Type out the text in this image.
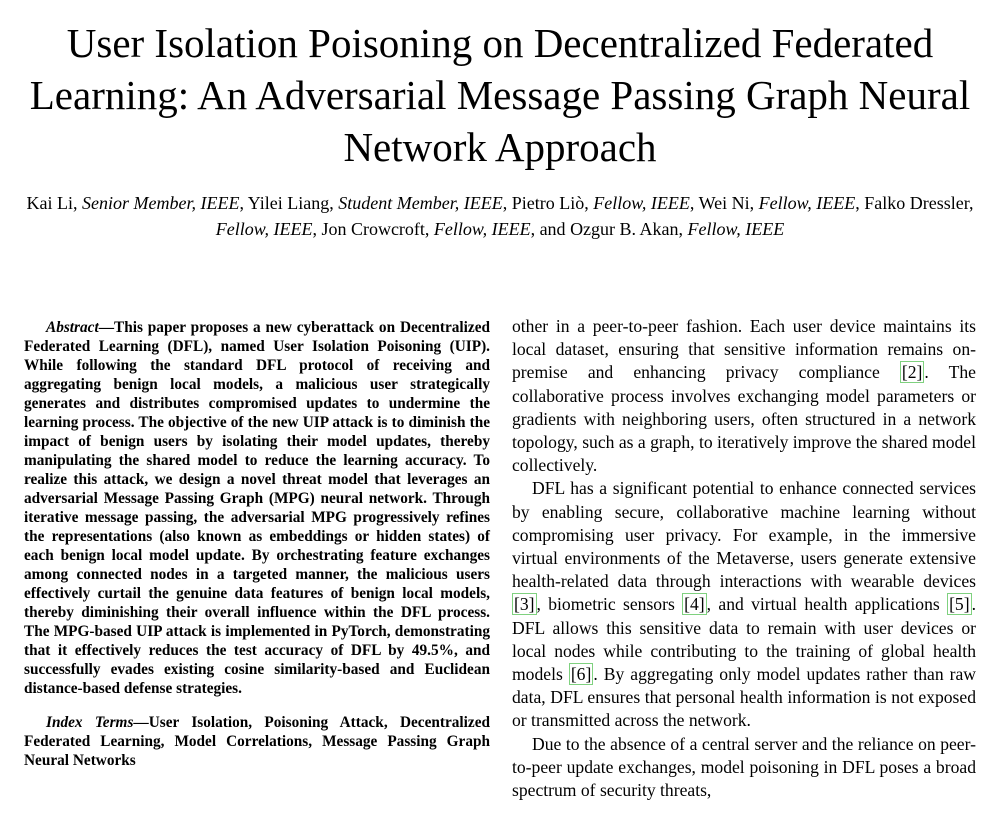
User Isolation Poisoning on Decentralized Federated Learning: An Adversarial Message Passing Graph Neural Network Approach

Kai Li, Senior Member, IEEE, Yilei Liang, Student Member, IEEE, Pietro Liò, Fellow, IEEE, Wei Ni, Fellow, IEEE, Falko Dressler, Fellow, IEEE, Jon Crowcroft, Fellow, IEEE, and Ozgur B. Akan, Fellow, IEEE

Abstract—This paper proposes a new cyberattack on Decentralized Federated Learning (DFL), named User Isolation Poisoning (UIP). While following the standard DFL protocol of receiving and aggregating benign local models, a malicious user strategically generates and distributes compromised updates to undermine the learning process. The objective of the new UIP attack is to diminish the impact of benign users by isolating their model updates, thereby manipulating the shared model to reduce the learning accuracy. To realize this attack, we design a novel threat model that leverages an adversarial Message Passing Graph (MPG) neural network. Through iterative message passing, the adversarial MPG progressively refines the representations (also known as embeddings or hidden states) of each benign local model update. By orchestrating feature exchanges among connected nodes in a targeted manner, the malicious users effectively curtail the genuine data features of benign local models, thereby diminishing their overall influence within the DFL process. The MPG-based UIP attack is implemented in PyTorch, demonstrating that it effectively reduces the test accuracy of DFL by 49.5%, and successfully evades existing cosine similarity-based and Euclidean distance-based defense strategies.

Index Terms—User Isolation, Poisoning Attack, Decentralized Federated Learning, Model Correlations, Message Passing Graph Neural Networks

other in a peer-to-peer fashion. Each user device maintains its local dataset, ensuring that sensitive information remains on-premise and enhancing privacy compliance [2] . The collaborative process involves exchanging model parameters or gradients with neighboring users, often structured in a network topology, such as a graph, to iteratively improve the shared model collectively.

DFL has a significant potential to enhance connected services by enabling secure, collaborative machine learning without compromising user privacy. For example, in the immersive virtual environments of the Metaverse, users generate extensive health-related data through interactions with wearable devices [3] , biometric sensors [4] , and virtual health applications [5] . DFL allows this sensitive data to remain with user devices or local nodes while contributing to the training of global health models [6] . By aggregating only model updates rather than raw data, DFL ensures that personal health information is not exposed or transmitted across the network.

Due to the absence of a central server and the reliance on peer-to-peer update exchanges, model poisoning in DFL poses a broad spectrum of security threats,
